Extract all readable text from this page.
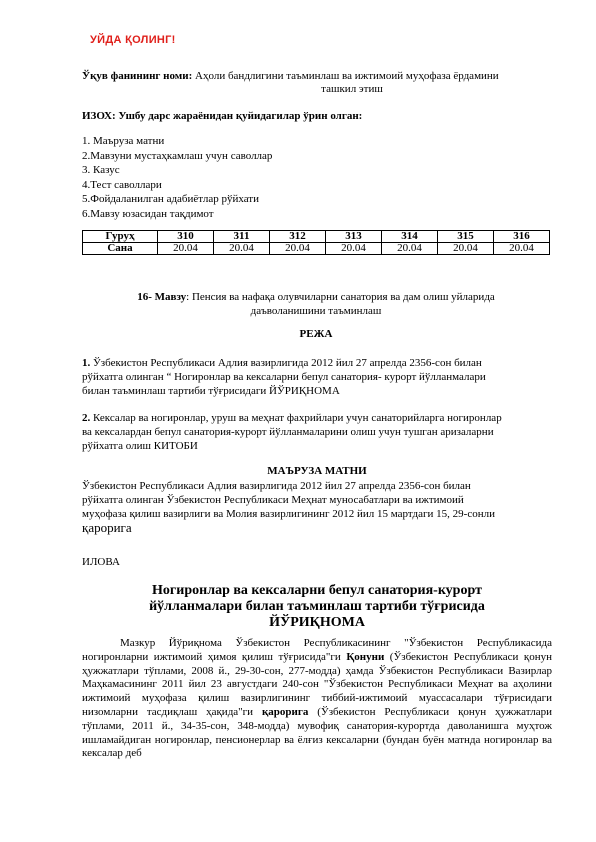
УЙДА ҚОЛИНГ!
Ўқув фанининг номи: Аҳоли бандлигини таъминлаш ва ижтимоий муҳофаза ёрдамини
ташкил этиш
ИЗОХ: Ушбу дарс жараёнидан қуйидагилар ўрин олган:
1. Маъруза матни
2.Мавзуни мустаҳкамлаш учун саволлар
3. Казус
4.Тест саволлари
5.Фойдаланилган адабиётлар рўйхати
6.Мавзу юзасидан тақдимот
Гуруҳ	310	311	312	313	314	315	316
Сана	20.04	20.04	20.04	20.04	20.04	20.04	20.04
16- Мавзу: Пенсия ва нафақа олувчиларни санатория ва дам олиш уйларида
даъволанишини таъминлаш
РЕЖА
1. Ўзбекистон Республикаси Адлия вазирлигида 2012 йил 27 апрелда 2356-сон билан
рўйхатга олинган “ Ногиронлар ва кексаларни бепул санатория- курорт йўлланмалари
билан таъминлаш тартиби тўғрисидаги ЙЎРИҚНОМА
2. Кексалар ва ногиронлар, уруш ва меҳнат фахрийлари учун санаторийларга ногиронлар
ва кексалардан бепул санатория-курорт йўлланмаларини олиш учун тушган аризаларни
рўйхатга олиш КИТОБИ
МАЪРУЗА МАТНИ
Ўзбекистон Республикаси Адлия вазирлигида 2012 йил 27 апрелда 2356-сон билан
рўйхатга олинган Ўзбекистон Республикаси Меҳнат муносабатлари ва ижтимоий
муҳофаза қилиш вазирлиги ва Молия вазирлигининг 2012 йил 15 мартдаги 15, 29-сонли
қарорига
ИЛОВА
Ногиронлар ва кексаларни бепул санатория-курорт
йўлланмалари билан таъминлаш тартиби тўғрисида
ЙЎРИҚНОМА
Мазкур Йўриқнома Ўзбекистон Республикасининг "Ўзбекистон Республикасида ногиронларни ижтимоий ҳимоя қилиш тўғрисида"ги Қонуни (Ўзбекистон Республикаси қонун ҳужжатлари тўплами, 2008 й., 29-30-сон, 277-модда) ҳамда Ўзбекистон Республикаси Вазирлар Маҳкамасининг 2011 йил 23 августдаги 240-сон "Ўзбекистон Республикаси Меҳнат ва аҳолини ижтимоий муҳофаза қилиш вазирлигининг тиббий-ижтимоий муассасалари тўғрисидаги низомларни тасдиқлаш ҳақида"ги қарорига (Ўзбекистон Республикаси қонун ҳужжатлари тўплами, 2011 й., 34-35-сон, 348-модда) мувофиқ санатория-курортда даволанишга муҳтож ишламайдиган ногиронлар, пенсионерлар ва ёлғиз кексаларни (бундан буён матнда ногиронлар ва кексалар деб
